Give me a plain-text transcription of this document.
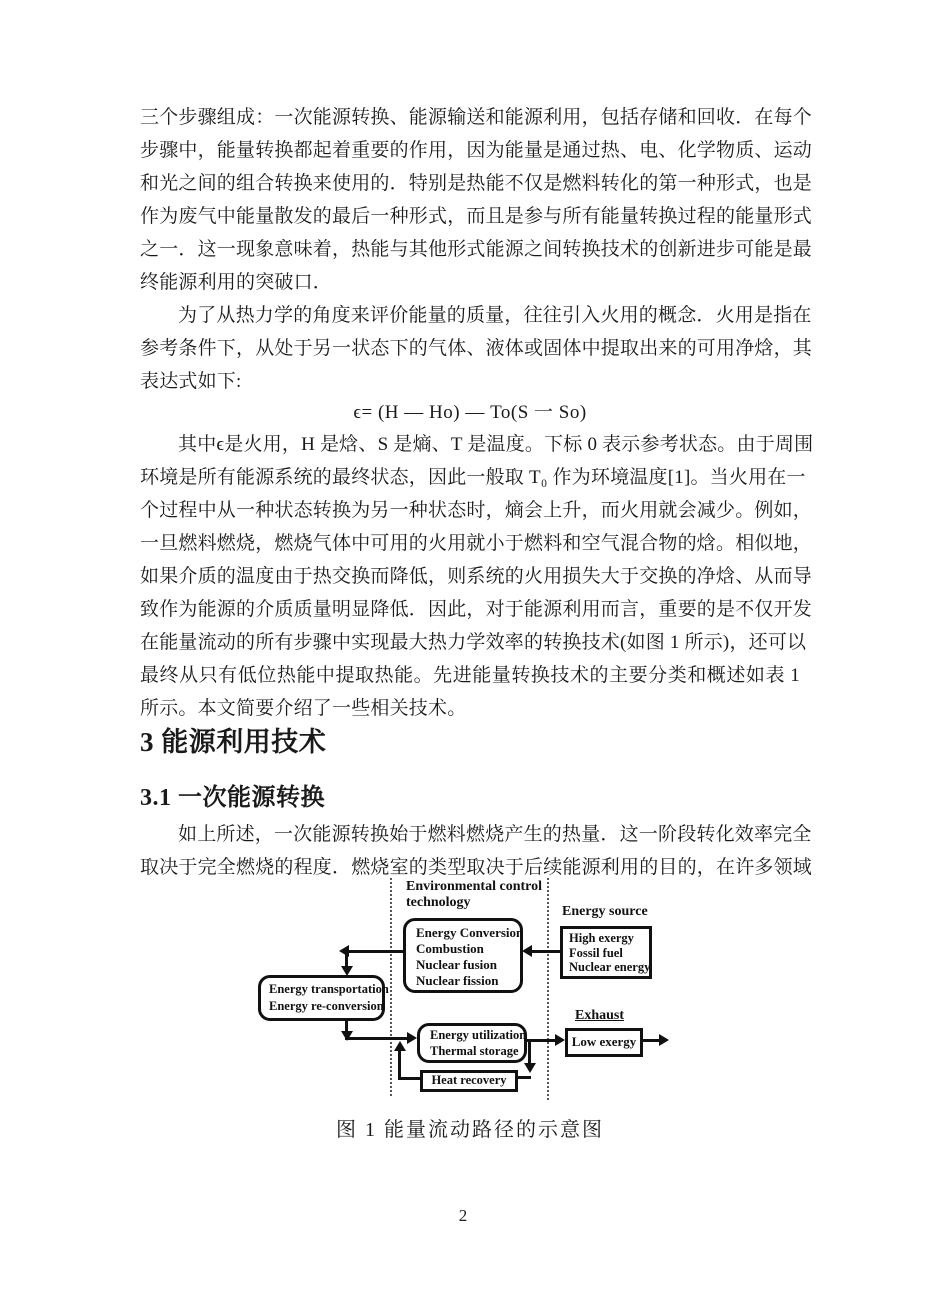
三个步骤组成：一次能源转换、能源输送和能源利用，包括存储和回收．在每个
步骤中，能量转换都起着重要的作用，因为能量是通过热、电、化学物质、运动
和光之间的组合转换来使用的．特别是热能不仅是燃料转化的第一种形式，也是
作为废气中能量散发的最后一种形式，而且是参与所有能量转换过程的能量形式
之一．这一现象意味着，热能与其他形式能源之间转换技术的创新进步可能是最
终能源利用的突破口．
为了从热力学的角度来评价能量的质量，往往引入火用的概念．火用是指在
参考条件下，从处于另一状态下的气体、液体或固体中提取出来的可用净焓，其
表达式如下:
ϵ= (H — Ho) — To(S 一 So)
其中ϵ是火用，H 是焓、S 是熵、T 是温度。下标 0 表示参考状态。由于周围
环境是所有能源系统的最终状态，因此一般取 T₀ 作为环境温度[1]。当火用在一
个过程中从一种状态转换为另一种状态时，熵会上升，而火用就会减少。例如，
一旦燃料燃烧，燃烧气体中可用的火用就小于燃料和空气混合物的焓。相似地，
如果介质的温度由于热交换而降低，则系统的火用损失大于交换的净焓、从而导
致作为能源的介质质量明显降低．因此，对于能源利用而言，重要的是不仅开发
在能量流动的所有步骤中实现最大热力学效率的转换技术(如图 1 所示)，还可以
最终从只有低位热能中提取热能。先进能量转换技术的主要分类和概述如表 1
所示。本文简要介绍了一些相关技术。
3 能源利用技术
3.1 一次能源转换
如上所述，一次能源转换始于燃料燃烧产生的热量．这一阶段转化效率完全
取决于完全燃烧的程度．燃烧室的类型取决于后续能源利用的目的，在许多领域
Environmental control
technology
Energy source
Exhaust
Energy Conversion
Combustion
Nuclear fusion
Nuclear fission
High exergy
Fossil fuel
Nuclear energy
Energy transportation
Energy re-conversion
Energy utilization
Thermal storage
Heat recovery
Low exergy
图 1 能量流动路径的示意图
2
